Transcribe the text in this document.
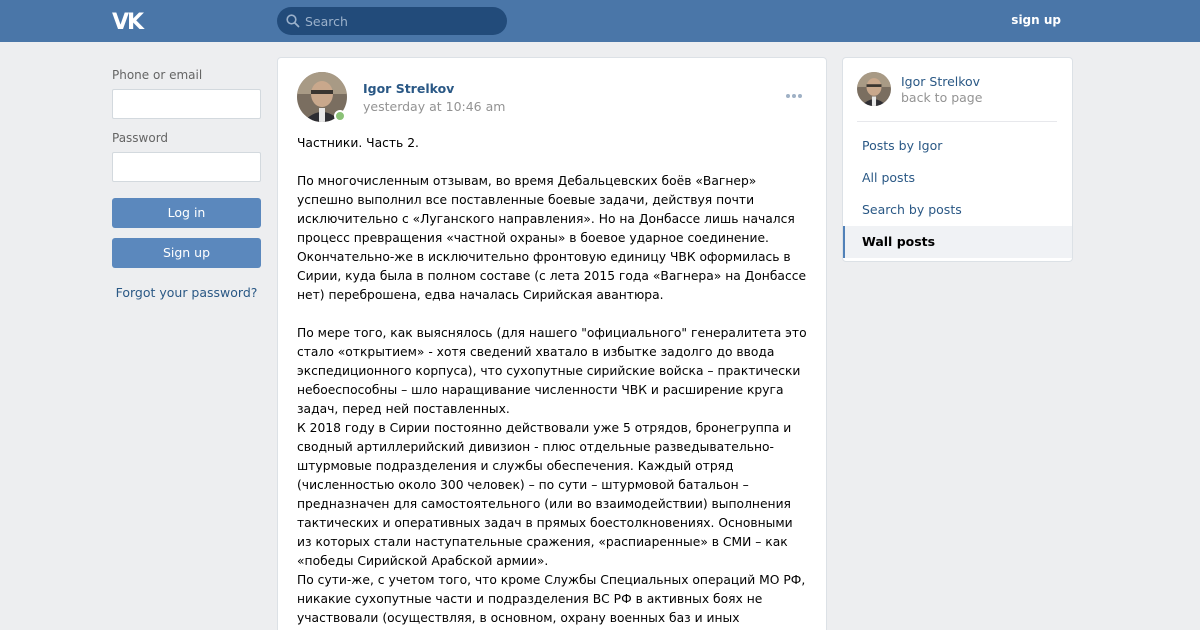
VK
Search	sign up
Phone or email
Password
Log in
Sign up
Forgot your password?
Igor Strelkov
yesterday at 10:46 am

Частники. Часть 2.

По многочисленным отзывам, во время Дебальцевских боёв «Вагнер» успешно выполнил все поставленные боевые задачи, действуя почти исключительно с «Луганского направления». Но на Донбассе лишь начался процесс превращения «частной охраны» в боевое ударное соединение. Окончательно-же в исключительно фронтовую единицу ЧВК оформилась в Сирии, куда была в полном составе (с лета 2015 года «Вагнера» на Донбассе нет) переброшена, едва началась Сирийская авантюра.

По мере того, как выяснялось (для нашего "официального" генералитета это стало «открытием» - хотя сведений хватало в избытке задолго до ввода экспедиционного корпуса), что сухопутные сирийские войска – практически небоеспособны – шло наращивание численности ЧВК и расширение круга задач, перед ней поставленных.

К 2018 году в Сирии постоянно действовали уже 5 отрядов, бронегруппа и сводный артиллерийский дивизион - плюс отдельные разведывательно-штурмовые подразделения и службы обеспечения. Каждый отряд (численностью около 300 человек) – по сути – штурмовой батальон – предназначен для самостоятельного (или во взаимодействии) выполнения тактических и оперативных задач в прямых боестолкновениях. Основными из которых стали наступательные сражения, «распиаренные» в СМИ – как «победы Сирийской Арабской армии».

По сути-же, с учетом того, что кроме Службы Специальных операций МО РФ, никакие сухопутные части и подразделения ВС РФ в активных боях не участвовали (осуществляя, в основном, охрану военных баз и иных

Igor Strelkov
back to page
Posts by Igor
All posts
Search by posts
Wall posts
